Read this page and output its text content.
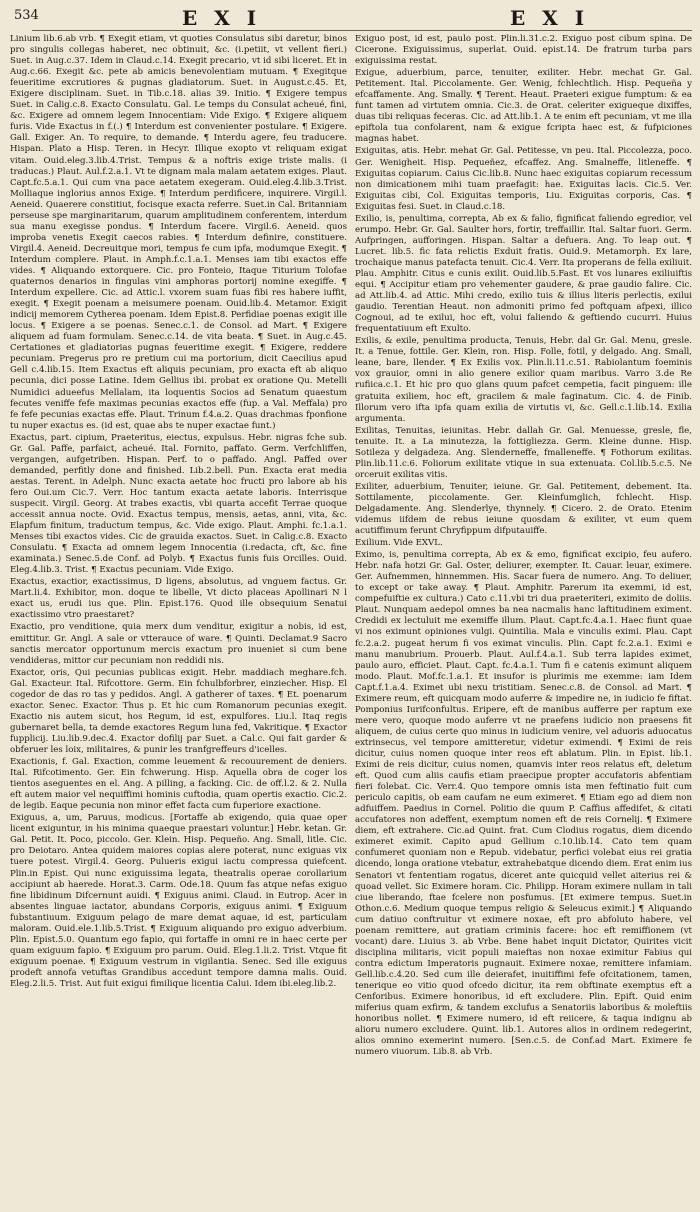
534	E X I	E X I

Linium lib.6.ab vrb. ¶ Exegit etiam, vt quoties Consulatus sibi daretur, binos pro singulis collegas haberet, nec obtinuit, &c. (i.petiit, vt vellent fieri.) Suet. in Aug.c.37. Idem in Claud.c.14. Exegit precario, vt id sibi liceret. Et in Aug.c.66. Exegit &c. pete ab amicis benevolentiam mutuam. ¶ Exegitque feueritime excrutiores & pugnas gladiatorum. Suet. in August.c.45. Et, Exigere disciplinam. Suet. in Tib.c.18. alias 39. Initio. ¶ Exigere tempus Suet. in Calig.c.8. Exacto Consulatu. Gal. Le temps du Consulat acheué, fini, &c. Exigere ad omnem legem Innocentiam: Vide Exigo. ¶ Exigere aliquem furis. Vide Exactus in f.(.) ¶ Interdum est convenienter postulare. ¶ Exigere. Gall. Exiger. An. To require, to demande. ¶ Interdu agere, feu traducere. Hispan. Plato a Hisp. Teren. in Hecyr. Illique exopto vt reliquam exigat vitam. Ouid.eleg.3.lib.4.Trist. Tempus & a noftris exige triste malis. (i traducas.) Plaut. Aul.f.2.a.1. Vt te dignam mala malam aetatem exiges. Plaut. Capt.fc.5.a.1. Qui cum vna pace aetatem exegeram. Ouid.eleg.4.lib.3.Trist. Molliaque inglorius annos Exige. ¶ Interdum perdificere, inquirere. Virgil.l. Aeneid. Quaerere constitiut, focisque exacta referre. Suet.in Cal. Britanniam perseuse spe marginaritarum, quarum amplitudinem conferentem, interdum sua manu exegisse pondus. ¶ Interdum facere. Virgil.6. Aeneid. quos improba venetis Exegit caecos rabies. ¶ Interdum definire, constituere. Virgil.4. Aeneid. Decreuitque mori, tempus fe cum ipfa, modumque Exegit. ¶ Interdum complere. Plaut. in Amph.f.c.1.a.1. Menses iam tibi exactos effe vides. ¶ Aliquando extorquere. Cic. pro Fonteio, Itaque Titurium Tolofae quaternos denarios in fingulas vini amphoras portorij nomine exegiffe. ¶ Interdum expellere. Cic. ad Attic.l. vxorem suam fuas fibi res habere iuffit, exegit. ¶ Exegit poenam a meisumere poenam. Ouid.lib.4. Metamor. Exigit indicij memorem Cytherea poenam. Idem Epist.8. Perfidiae poenas exigit ille locus. ¶ Exigere a se poenas. Senec.c.1. de Consol. ad Mart. ¶ Exigere aliquem ad fuam formulam. Senec.c.14. de vita beata. ¶ Suet. in Aug.c.45. Certationes et gladiatorias pugnas feueritime exegit. ¶ Exigere, reddere pecuniam. Pregerus pro re pretium cui ma portorium, dicit Caecilius apud Gell c.4.lib.15. Item Exactus eft aliquis pecuniam, pro exacta eft ab aliquo pecunia, dici posse Latine. Idem Gellius ibi. probat ex oratione Qu. Metelli Numidici adueefus Mellalam, ita loquentis Socios ad Senatum quaestum fecutes veniffe fefe maximas pecunias exactos effe (fup. a Val. Meffala) pro fe fefe pecunias exactas effe. Plaut. Trinum f.4.a.2. Quas drachmas fponfione tu nuper exactus es. (id est, quae abs te nuper exactae funt.)

Exactus, part. cipium, Praeteritus, eiectus, expulsus. Hebr. nigras fche sub. Gr. Gal. Paffe, parfaict, acheué. Ital. Fornito, paffato. Germ. Verfchliffen, vergangen, aufgetriben. Hispan. Perf. to o paffado. Angl. Paffed over demanded, perfitly done and finished. Lib.2.bell. Pun. Exacta erat media aestas. Terent. in Adelph. Nunc exacta aetate hoc fructi pro labore ab his fero Oui.um Cic.7. Verr. Hoc tantum exacta aetate laboris. Interrisque suspecit. Virgil. Georg. At trabes exactis, vbi quarta accefit Terrae quoque accessit annua nocte. Ovid. Exactus tempus, mensis, aetas, anni, vita, &c. Elapfum finitum, traductum tempus, &c. Vide exigo. Plaut. Amphi. fc.1.a.1. Menses tibi exactos vides. Cic de grauida exactos. Suet. in Calig.c.8. Exacto Consulatu. ¶ Exacta ad omnem legem Innocentia (i.redacta, cft, &c. fine examinata.) Senec.5.de Conf. ad Polyb. ¶ Exactus funis fuis Orcilles. Ouid. Eleg.4.lib.3. Trist. ¶ Exactus pecuniam. Vide Exigo.

Exactus, exactior, exactissimus, D ligens, absolutus, ad vnguem factus. Gr. Mart.li.4. Exhibitor, mon. doque te libelle, Vt dicto placeas Apollinari N l exact us, erudi ius que. Plin. Epist.176. Quod ille obsequium Senatui exactissimo vtro praestaret?

Exactio, pro venditione, quia merx dum venditur, exigitur a nobis, id est, emittitur. Gr. Angl. A sale or vtterauce of ware. ¶ Quinti. Declamat.9 Sacro sanctis mercator opportunum mercis exactum pro inueniet si cum bene vendideras, mittor cur pecuniam non reddidi nis.

Exactor, oris, Qui pecunias publicas exigit. Hebr. maddiach meghare.fch. Gal. Exacteur. Ital. Rifcottore. Germ. Ein fchulbforbrer, einziecher. Hisp. El cogedor de das ro tas y pedidos. Angl. A gatherer of taxes. ¶ Et. poenarum exactor. Senec. Exactor. Thus p. Et hic cum Romanorum pecunias exegit. Exactio nis autem sicut, hos Regum, id est, expulfores. Liu.l. Itaq regis gubernaret bella, ta demde exactores Regum luna fed, Vakritique. ¶ Exactor fupplicij. Liu.lib.9.dec.4. Exactor dofilij par Suet. a Cal.c. Qui fait garder & obferuer les loix, militaires, & punir les tranfgreffeurs d'icelles.

Exactionis, f. Gal. Exaction, comme leuement & recouurement de deniers. Ital. Rifcotimento. Ger. Ein fchwerung. Hisp. Aquella obra de coger los tientos aseguentes en el. Ang. A pilling, a facking. Cic. de off.l.2. & 2. Nulla eft autem maior vel nequiffimi hominis cuftodia, quam opertis exactio. Cic.2. de legib. Eaque pecunia non minor effet facta cum fuperiore exactione.

Exiguus, a, um, Paruus, modicus. [Fortaffe ab exigendo, quia quae oper licent exiguntur, in his minima quaeque praestari voluntur.] Hebr. ketan. Gr. Gal. Petit. It. Poco, piccolo. Ger. Klein. Hisp. Pequeño. Ang. Small, litle. Cic. pro Deiotaro. Antea quidem maiores copias alere poterat, nunc exiguas vix tuere potest. Virgil.4. Georg. Pulueris exigui iactu compressa quiefcent. Plin.in Epist. Qui nunc exiguissima legata, theatralis operae corollarium accipiunt ab haerede. Horat.3. Carm. Ode.18. Quum fas atque nefas exiguo fine libidinum Difcernunt auidi. ¶ Exiguus animi. Claud. in Eutrop. Acer in absentes linguae iactator, abundans Corporis, exiguus animi. ¶ Exiguum fubstantiuum. Exiguum pelago de mare demat aquae, id est, particulam maloram. Ouid.ele.1.lib.5.Trist. ¶ Exiguum aliquando pro exiguo adverbium. Plin. Epist.5.0. Quantum ego fapio, qui fortaffe in omni re in haec certe per quam exiguum fapio. ¶ Exiguum pro parum. Ouid. Eleg.1.li.2. Trist. Vtque fit exiguum poenae. ¶ Exiguum vestrum in vigilantia. Senec. Sed ille exiguus prodeft annofa vetuftas Grandibus accedunt tempore damna malis. Ouid. Eleg.2.li.5. Trist. Aut fuit exigui fimilique licentia Calui. Idem ibi.eleg.lib.2.

Exiguo post, id est, paulo post. Plin.li.31.c.2. Exiguo post cibum spina. De Cicerone. Exiguissimus, superlat. Ouid. epist.14. De fratrum turba pars exiguissima restat.

Exigue, aduerbium, parce, tenuiter, exiliter. Hebr. mechat Gr. Gal. Petitement. Ital. Piccolamente. Ger. Wenig, fchlechtlich. Hisp. Pequeña y efcaffamente. Ang. Smally. ¶ Terent. Heaut. Praeteri exigue fumptum: & ea funt tamen ad virtutem omnia. Cic.3. de Orat. celeriter exigueque dixiffes, duas tibi reliquas feceras. Cic. ad Att.lib.1. A te enim eft pecuniam, vt me illa epiftola tua confolarent, nam & exigue fcripta haec est, & fufpiciones magnas habet.

Exiguitas, atis. Hebr. mehat Gr. Gal. Petitesse, vn peu. Ital. Piccolezza, poco. Ger. Wenigheit. Hisp. Pequeñez, efcaffez. Ang. Smalneffe, litleneffe. ¶ Exiguitas copiarum. Caius Cic.lib.8. Nunc haec exiguitas copiarum recessum non dimicationem mihi tuam praefagit: hae. Exiguitas lacis. Cic.5. Ver. Exiguitas cibi, Col. Exiguitas temporis, Liu. Exiguitas corporis, Cas. ¶ Exiguitas fesi. Suet. in Claud.c.18.

Exilio, is, penultima, correpta, Ab ex & falio, fignificat faliendo egredior, vel erumpo. Hebr. Gr. Gal. Saulter hors, fortir, treffaillir. Ital. Saltar fuori. Germ. Aufpringen, aufforingen. Hispan. Saltar a defuera. Ang. To leap out. ¶ Lucret. lib.5. fic fata relictis Exduit fratis. Ouid.9. Metamorph. Ex lare, trochaique manus patefacta tenuit. Cic.4. Verr. Ita properans de fella exiliuit. Plau. Amphitr. Citus e cunis exilit. Ouid.lib.5.Fast. Et vos lunares exiliuiftis equi. ¶ Accipitur etiam pro vehementer gaudere, & prae gaudio falire. Cic. ad Att.lib.4. ad Attic. Mihi credo, exilio tuis & illius literis perlectis, exilui gaudio. Terentian Heaut. non admoniti primo fed poftquam afpexi, illico Cognoui, ad te exilui, hoc eft, volui faliendo & geftiendo cucurri. Huius frequentatiuum eft Exulto.

Exilis, & exile, penultima producta, Tenuis, Hebr. dal Gr. Gal. Menu, gresle. It. a Tenue, fottile. Ger. Klein, ron. Hisp. Folle, fotil, y delgado. Ang. Small, leane, bare, llender. ¶ Ex Exilis vox. Plin.li.11.c.51. Rabiolantum foeminis vox grauior, omni in alio genere exilior quam maribus. Varro 3.de Re rufiica.c.1. Et hic pro quo glans quum pafcet cempetia, facit pinguem: ille gratuita exiliem, hoc eft, gracilem & male faginatum. Cic. 4. de Finib. Illorum vero ifta ipfa quam exilia de virtutis vi, &c. Gell.c.1.lib.14. Exilia argumenta.

Exilitas, Tenuitas, ieiunitas. Hebr. dallah Gr. Gal. Menuesse, gresle, fle, tenuite. It. a La minutezza, la fottigliezza. Germ. Kleine dunne. Hisp. Sotileza y delgadeza. Ang. Slenderneffe, fmalleneffe. ¶ Fothorum exilitas. Plin.lib.11.c.6. Foliorum exilitate vtique in sua extenuata. Col.lib.5.c.5. Ne orceruit exilitas vitis.

Exiliter, aduerbium, Tenuiter, ieiune. Gr. Gal. Petitement, debement. Ita. Sottilamente, piccolamente. Ger. Kleinfumglich, fchlecht. Hisp. Delgadamente. Ang. Slenderlye, thynnely. ¶ Cicero. 2. de Orato. Etenim videmus iifdem de rebus ieiune quosdam & exiliter, vt eum quem acutiffimum ferunt Chryfippum difputauiffe.

Exilium. Vide EXVL.

Eximo, is, penultima correpta, Ab ex & emo, fignificat excipio, feu aufero. Hebr. nafa hotzi Gr. Gal. Oster, deliurer, exempter. It. Cauar. leuar, eximere. Ger. Aufnemmen, hinnemmen. His. Sacar fuera de numero. Ang. To deliuer, to except or take away. ¶ Plaut. Amphitr. Parerum ita exemmi, id est, compefuiftie ex cultura.) Cato c.11.vbi tri dua praeteriteri, eximito de doliis. Plaut. Nunquam aedepol omnes ba nea nacmalis hanc laftitudinem eximent. Credidi ex lectuluit me exemiffe illum. Plaut. Capt.fc.4.a.1. Haec fiunt quae vi nos eximunt opiniones vulgi. Quintilia. Mala e vinculis eximi. Plau. Capt fc.2.a.2. pugeat herum fi vos eximat vinculis. Plin. Capt fc.2.a.1. Eximi e manu manubrium. Prouerb. Plaut. Aul.f.4.a.1. Sub terra lapides eximet, paulo auro, efficiet. Plaut. Capt. fc.4.a.1. Tum fi e catenis eximunt aliquem modo. Plaut. Mof.fc.1.a.1. Et insufor is plurimis me exemme: iam Idem Capt.f.1.a.4. Eximet ubi nexu tristitiam. Senec.c.8. de Consol. ad Mart. ¶ Eximere reum, eft quicquam modo auferre & impedire ne, in iudicio fe fiftat. Pomponius Iurifconfultus. Eripere, eft de manibus aufferre per raptum exe mere vero, quoque modo auferre vt ne praefens iudicio non praesens fit aliquem, de cuius certe quo minus in iudicium venire, vel aduoris aduocatus extrinsecus, vel tempore amitteretur, videtur eximendi. ¶ Eximi de reis dicitur, cuius nomen quoque inter reos eft ablatum. Plin. in Epist. lib.1. Eximi de reis dicitur, cuius nomen, quamvis inter reos relatus eft, deletum eft. Quod cum aliis caufis etiam praecipue propter accufatoris abfentiam fieri folebat. Cic. Verr.4. Quo tempore omnis ista men feftinatio fuit cum periculo capitis, ob eam caufam ne eum eximeret. ¶ Etiam ego ad diem non adfuiffem. Paedius in Cornel. Politio die quum P. Caffius affedifet, & citati accufatores non adeffent, exemptum nomen eft de reis Cornelij. ¶ Eximere diem, eft extrahere. Cic.ad Quint. frat. Cum Clodius rogatus, diem dicendo eximeret eximit. Capito apud Gellium c.10.lib.14. Cato tem quam confumeret quoniam non e Repub. videbatur, perfici volebat eius rei gratia dicendo, longa oratione vtebatur, extrahebatque dicendo diem. Erat enim ius Senatori vt fententiam rogatus, diceret ante quicquid vellet aiterius rei & quoad vellet. Sic Eximere horam. Cic. Philipp. Horam eximere nullam in tali ciue liberando, ftae fcelere non posfumus. [Et eximere tempus. Suet.in Othon.c.6. Medium quoque tempus religio & Seleucus eximit.] ¶ Aliquando cum datiuo conftruitur vt eximere noxae, eft pro abfoluto habere, vel poenam remittere, aut gratiam criminis facere: hoc eft remiffionem (vt vocant) dare. Liuius 3. ab Vrbe. Bene habet inquit Dictator, Quirites vicit disciplina militaris, vicit populi maieftas non noxae eximitur Fabius qui contra edictum Imperatoris pugnauit. Eximere noxae, remittere infamiam. Gell.lib.c.4.20. Sed cum ille deierafet, inuitiffimi fefe ofcitationem, tamen, tenerique eo vitio quod ofcedo dicitur, ita rem obftinate exemptus eft a Cenforibus. Eximere honoribus, id eft excludere. Plin. Epift. Quid enim miferius quam exfirm, & tandem exclufus a Senatoriis laboribus & moleftiis honoribus nollet. ¶ Eximere numero, id eft reiicere, & taqua indignu ab alioru numero excludere. Quint. lib.1. Autores alios in ordinem redegerint, alios omnino exemerint numero. [Sen.c.5. de Conf.ad Mart. Eximere fe numero viuorum. Lib.8. ab Vrb.
